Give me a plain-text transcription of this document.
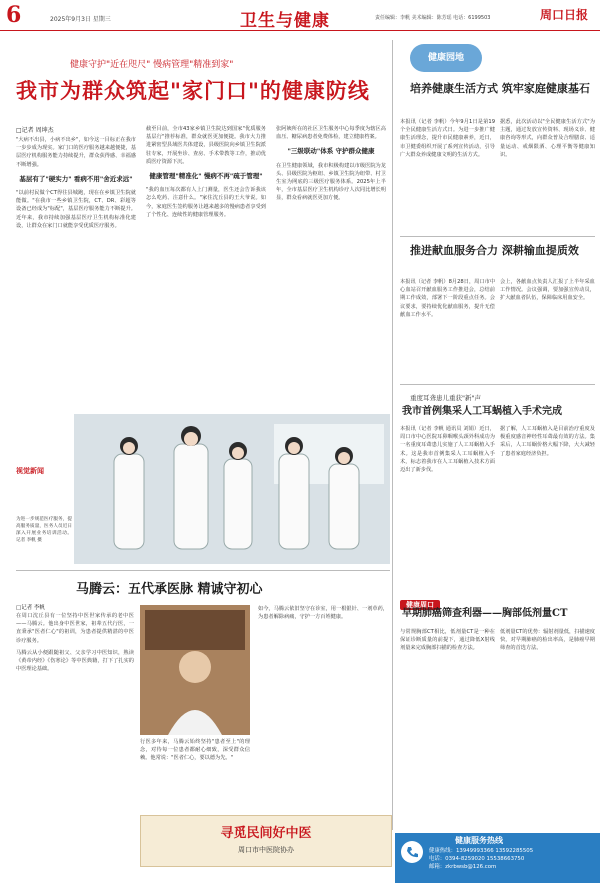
6	2025年9月3日 星期三	卫生与健康	责任编辑：李帆 美术编辑：陈芳瑶 电话：6199503	周口日报
健康守护"近在咫尺" 慢病管理"精准到家"
我市为群众筑起"家门口"的健康防线
□记者 周坤杰
"大病不出县，小病不出乡"，如今这一目标正在我市一步步成为现实。家门口的医疗服务越来越便捷，基层医疗机构服务能力持续提升，群众获得感、幸福感不断增强。
基层有了"硬实力" 看病不用"舍近求远"
"以前村民做个CT得往县城跑，现在在乡镇卫生院就能做。"在我市一些乡镇卫生院，CT、DR、彩超等设备已经成为"标配"，基层医疗服务能力不断提升。近年来，我市持续加强基层医疗卫生机构标准化建设，让群众在家门口就能享受优质医疗服务。
截至目前，全市43家乡镇卫生院达到国家"优质服务基层行"推荐标准，群众就医更加便捷。我市大力推进紧密型县域医共体建设，县级医院向乡镇卫生院派驻专家，开展坐诊、查房、手术带教等工作，推动优质医疗资源下沉。
健康管理"精准化" 慢病不再"疏于管理"
"我的血压每次都有人上门测量，医生还会告诉我该怎么吃药、注意什么。"家住沈丘县的王大爷说。如今，家庭医生签约服务让越来越多的慢病患者享受到了个性化、连续性的健康管理服务。
张阿姨所在的社区卫生服务中心每季度为辖区高血压、糖尿病患者免费体检，建立健康档案。
"三级联动"体系 守护群众健康
在卫生健康领域，我市积极构建以市级医院为龙头、县级医院为枢纽、乡镇卫生院为纽带、村卫生室为网底的三级医疗服务体系。2025年上半年，全市基层医疗卫生机构诊疗人次同比增长明显，群众看病就医更加方便。
健康园地
培养健康生活方式 筑牢家庭健康基石
本报讯（记者 李帆）今年9月1日是第19个全民健康生活方式日。为进一步推广健康生活理念，提升市民健康素养，近日，市卫健委组织开展了系列宣传活动，引导广大群众养成健康文明的生活方式。
据悉，此次活动以"全民健康生活方式"为主题，通过发放宣传资料、现场义诊、健康咨询等形式，向群众普及合理膳食、适量运动、戒烟限酒、心理平衡等健康知识。
推进献血服务合力 深耕输血提质效
本报讯（记者 李帆）8月28日，周口市中心血站召开献血服务工作推进会，总结前期工作成效，部署下一阶段重点任务。会议要求，要持续优化献血服务，提升无偿献血工作水平。
会上，各献血点负责人汇报了上半年采血工作情况。会议强调，要加强宣传动员，扩大献血者队伍，保障临床用血安全。
重度耳聋患儿重获"新"声
我市首例集采人工耳蜗植入手术完成
本报讯（记者 李帆 通讯员 刘娟）近日，周口市中心医院耳鼻咽喉头颈外科成功为一名重度耳聋患儿实施了人工耳蜗植入手术。这是我市首例集采人工耳蜗植入手术，标志着我市在人工耳蜗植入技术方面迈出了新步伐。
据了解，人工耳蜗植入是目前治疗重度及极重度感音神经性耳聋最有效的方法。集采后，人工耳蜗价格大幅下降，大大减轻了患者家庭经济负担。
视觉新闻
为进一步规范医疗服务，提高服务质量，医务人员近日深入开展业务培训活动。 记者 李帆 摄
马腾云：五代承医脉 精诚守初心
□记者 李帆
在周口沈丘县有一位坚持中医世家传承的老中医——马腾云。他出身中医世家，祖辈五代行医，一直秉承"医者仁心"的祖训，为患者提供精湛的中医诊疗服务。
马腾云从小便跟随祖父、父亲学习中医知识，熟读《黄帝内经》《伤寒论》等中医典籍，打下了扎实的中医理论基础。
行医多年来，马腾云始终坚持"患者至上"的理念，对待每一位患者都耐心细致，深受群众信赖。他常说："医者仁心，要以德为先。"
如今，马腾云依旧坚守在诊室，用一根银针、一剂草药，为患者解除病痛，守护一方百姓健康。
寻觅民间好中医
周口市中医院协办
健康周口
早期肺癌筛查利器——胸部低剂量CT
与常规胸部CT相比，低剂量CT是一种在保证诊断质量的前提下，通过降低X射线剂量来完成胸部扫描的检查方法。
低剂量CT的优势：辐射剂量低，扫描速度快，对早期肺癌的检出率高，是肺癌早期筛查的首选方法。
健康服务热线
健康热线：13949993366 13592285505
电话：0394-8259020 15538663750
邮箱：zkrbwsb@126.com
